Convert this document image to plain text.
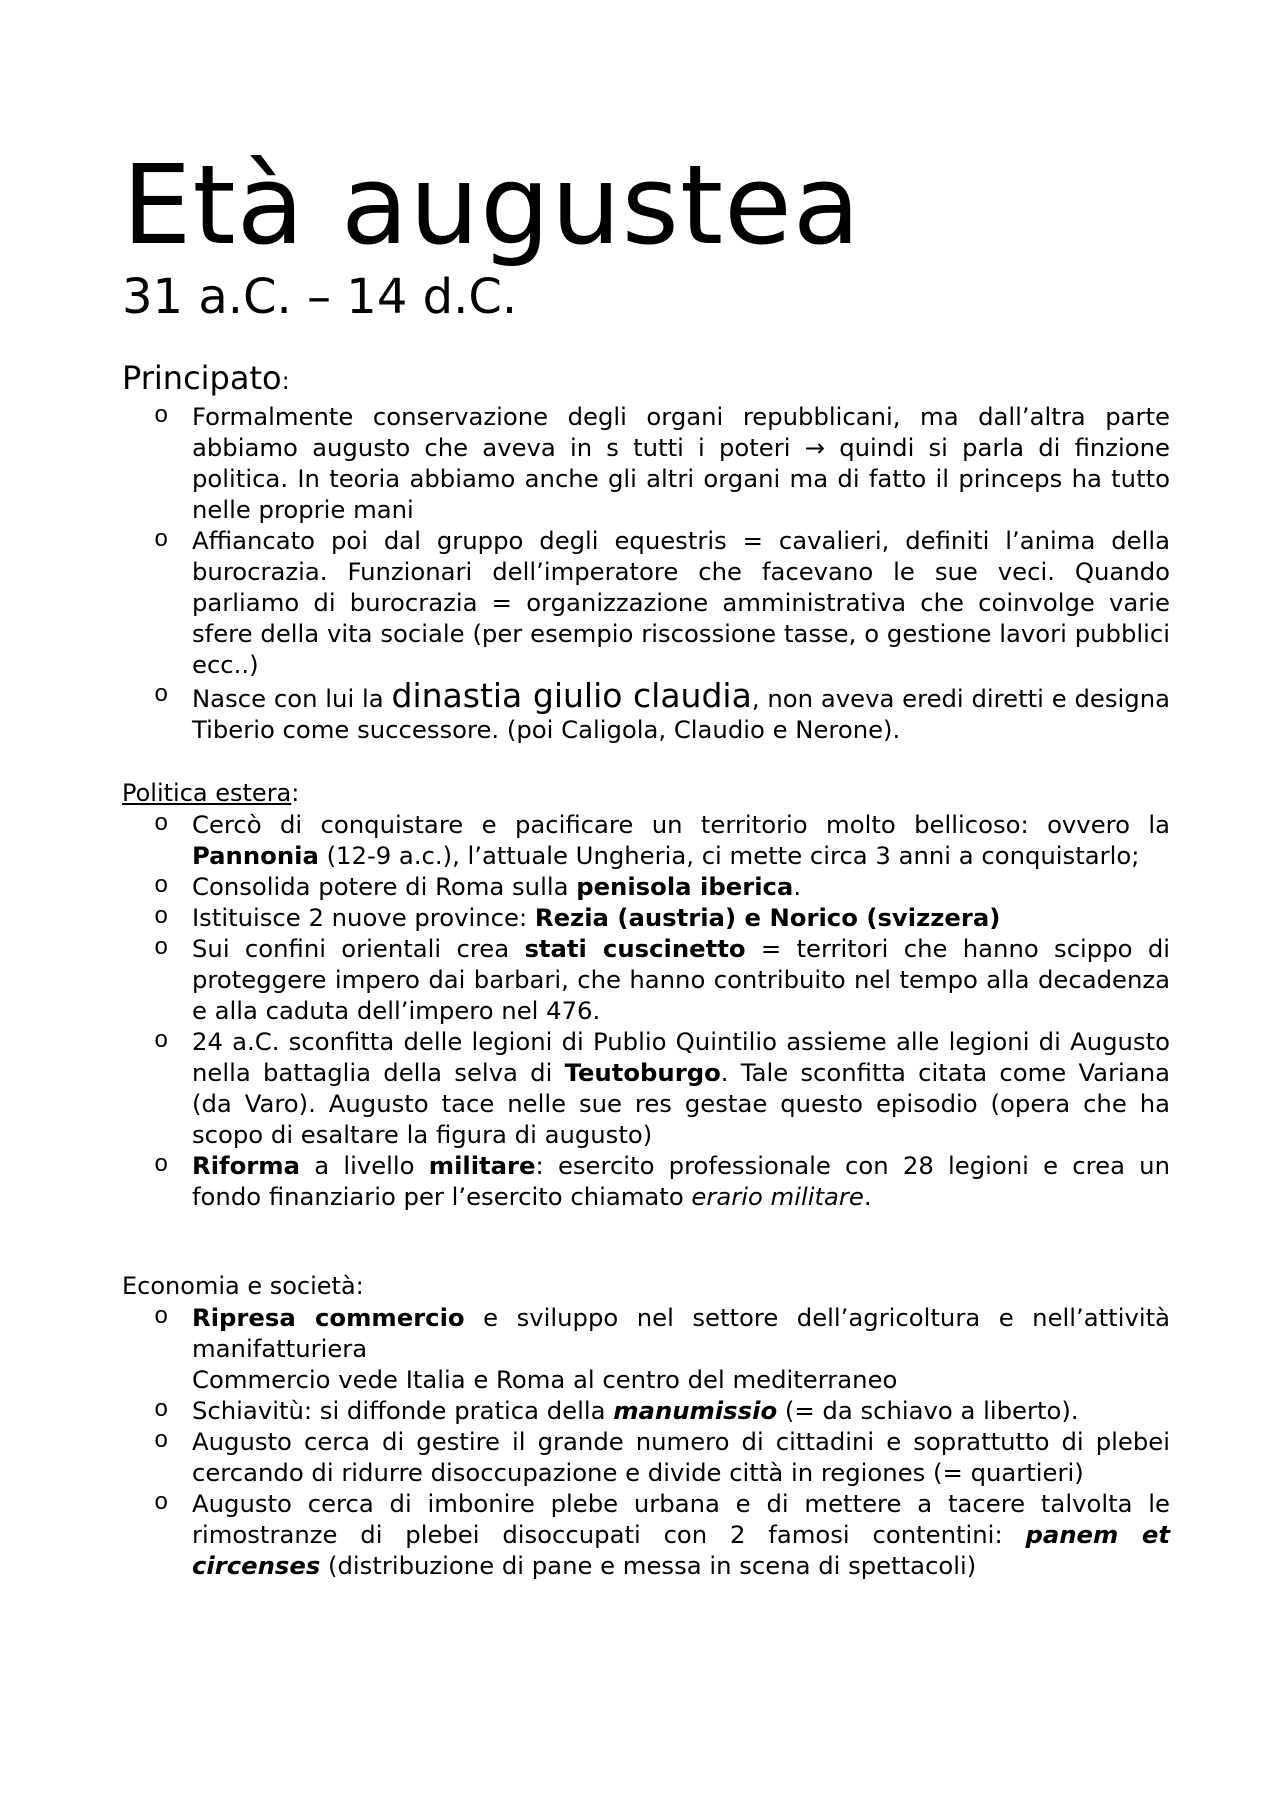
Età augustea
31 a.C. – 14 d.C.
Principato:
o Formalmente conservazione degli organi repubblicani, ma dall’altra parte abbiamo augusto che aveva in s tutti i poteri → quindi si parla di finzione politica. In teoria abbiamo anche gli altri organi ma di fatto il princeps ha tutto nelle proprie mani
o Affiancato poi dal gruppo degli equestris = cavalieri, definiti l’anima della burocrazia. Funzionari dell’imperatore che facevano le sue veci. Quando parliamo di burocrazia = organizzazione amministrativa che coinvolge varie sfere della vita sociale (per esempio riscossione tasse, o gestione lavori pubblici ecc..)
o Nasce con lui la dinastia giulio claudia, non aveva eredi diretti e designa Tiberio come successore. (poi Caligola, Claudio e Nerone).
Politica estera:
o Cercò di conquistare e pacificare un territorio molto bellicoso: ovvero la Pannonia (12-9 a.c.), l’attuale Ungheria, ci mette circa 3 anni a conquistarlo;
o Consolida potere di Roma sulla penisola iberica.
o Istituisce 2 nuove province: Rezia (austria) e Norico (svizzera)
o Sui confini orientali crea stati cuscinetto = territori che hanno scippo di proteggere impero dai barbari, che hanno contribuito nel tempo alla decadenza e alla caduta dell’impero nel 476.
o 24 a.C. sconfitta delle legioni di Publio Quintilio assieme alle legioni di Augusto nella battaglia della selva di Teutoburgo. Tale sconfitta citata come Variana (da Varo). Augusto tace nelle sue res gestae questo episodio (opera che ha scopo di esaltare la figura di augusto)
o Riforma a livello militare: esercito professionale con 28 legioni e crea un fondo finanziario per l’esercito chiamato erario militare.
Economia e società:
o Ripresa commercio e sviluppo nel settore dell’agricoltura e nell’attività manifatturiera
Commercio vede Italia e Roma al centro del mediterraneo
o Schiavitù: si diffonde pratica della manumissio (= da schiavo a liberto).
o Augusto cerca di gestire il grande numero di cittadini e soprattutto di plebei cercando di ridurre disoccupazione e divide città in regiones (= quartieri)
o Augusto cerca di imbonire plebe urbana e di mettere a tacere talvolta le rimostranze di plebei disoccupati con 2 famosi contentini: panem et circenses (distribuzione di pane e messa in scena di spettacoli)
